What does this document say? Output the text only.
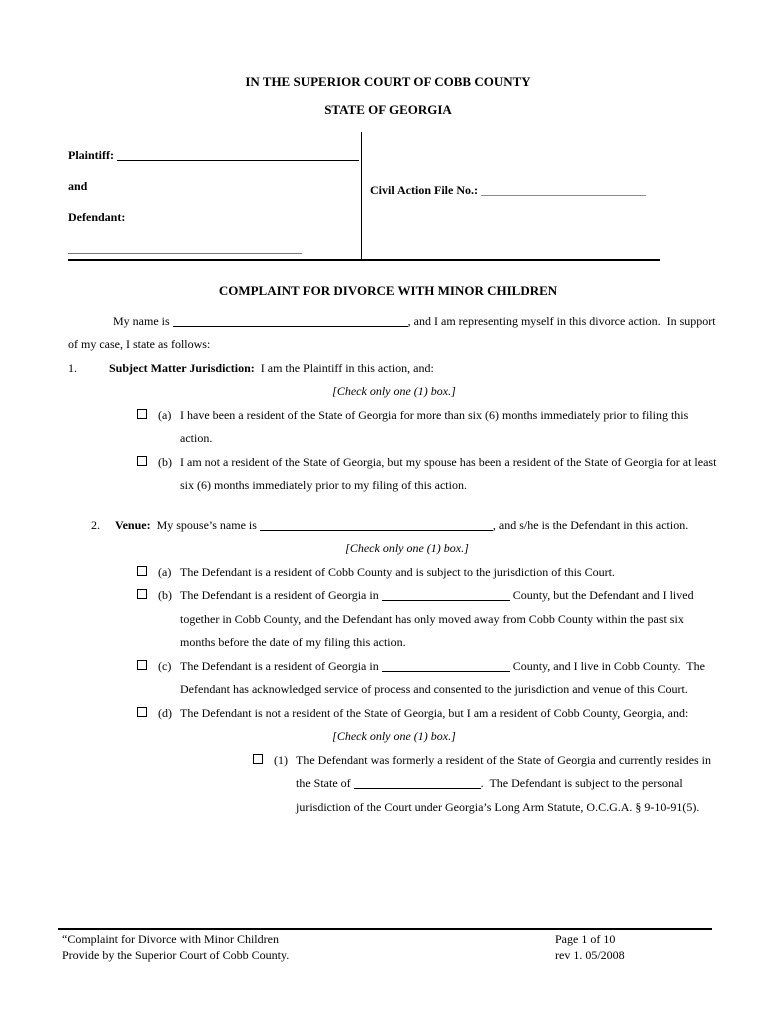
IN THE SUPERIOR COURT OF COBB COUNTY
STATE OF GEORGIA
Plaintiff:
and
Defendant:
Civil Action File No.:
COMPLAINT FOR DIVORCE WITH MINOR CHILDREN

My name is	, and I am representing myself in this divorce action.  In support of my case, I state as follows:

1.	Subject Matter Jurisdiction:  I am the Plaintiff in this action, and:

[Check only one (1) box.]

(a) I have been a resident of the State of Georgia for more than six (6) months immediately prior to filing this action.

(b) I am not a resident of the State of Georgia, but my spouse has been a resident of the State of Georgia for at least six (6) months immediately prior to my filing of this action.

2. Venue:  My spouse’s name is	, and s/he is the Defendant in this action.

[Check only one (1) box.]

(a) The Defendant is a resident of Cobb County and is subject to the jurisdiction of this Court.

(b) The Defendant is a resident of Georgia in	County, but the Defendant and I lived together in Cobb County, and the Defendant has only moved away from Cobb County within the past six months before the date of my filing this action.

(c) The Defendant is a resident of Georgia in	County, and I live in Cobb County.  The Defendant has acknowledged service of process and consented to the jurisdiction and venue of this Court.

(d) The Defendant is not a resident of the State of Georgia, but I am a resident of Cobb County, Georgia, and:

[Check only one (1) box.]

(1) The Defendant was formerly a resident of the State of Georgia and currently resides in the State of	.  The Defendant is subject to the personal jurisdiction of the Court under Georgia’s Long Arm Statute, O.C.G.A. § 9-10-91(5).

“Complaint for Divorce with Minor Children
Provide by the Superior Court of Cobb County.
Page 1 of 10
rev 1. 05/2008
